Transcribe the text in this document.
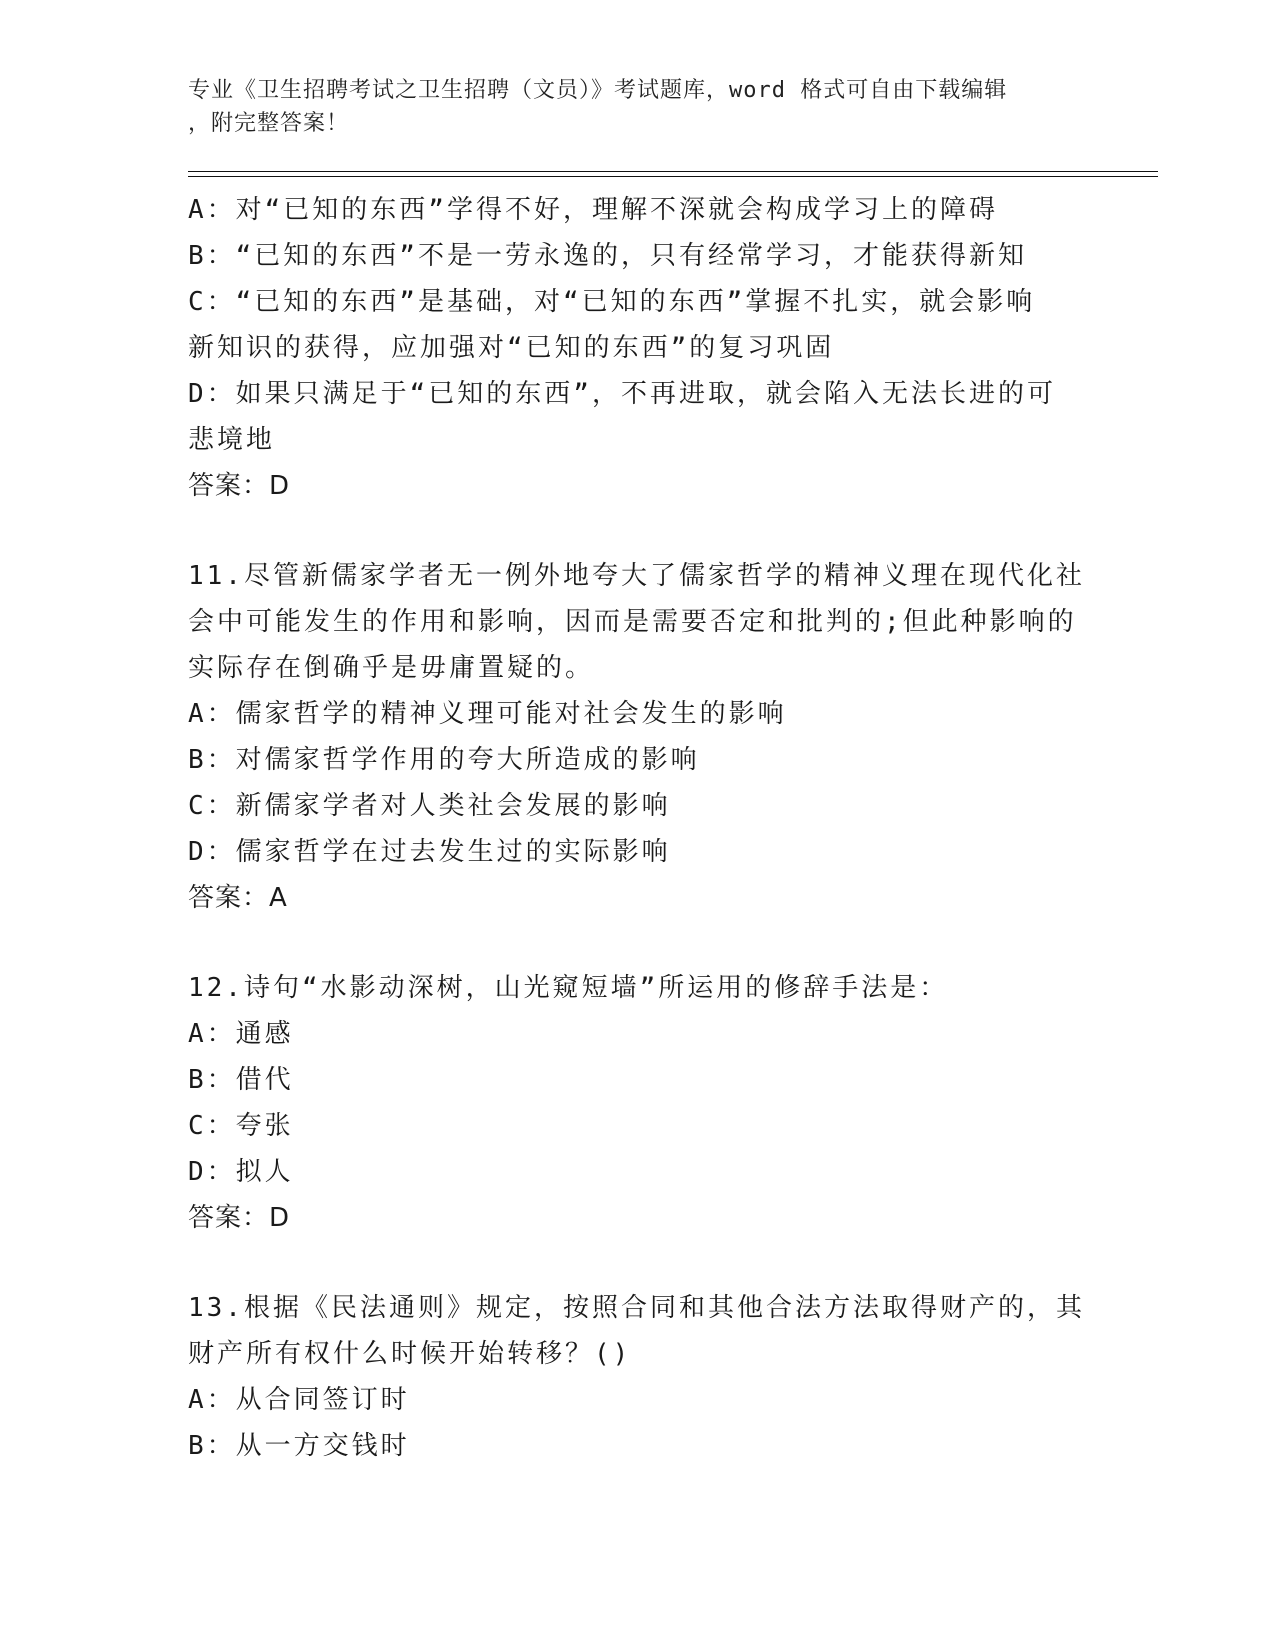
专业《卫生招聘考试之卫生招聘（文员）》考试题库，word 格式可自由下载编辑
，附完整答案！
A：对“已知的东西”学得不好，理解不深就会构成学习上的障碍
B：“已知的东西”不是一劳永逸的，只有经常学习，才能获得新知
C：“已知的东西”是基础，对“已知的东西”掌握不扎实，就会影响
新知识的获得，应加强对“已知的东西”的复习巩固
D：如果只满足于“已知的东西”，不再进取，就会陷入无法长进的可
悲境地
答案：D
11.尽管新儒家学者无一例外地夸大了儒家哲学的精神义理在现代化社
会中可能发生的作用和影响，因而是需要否定和批判的;但此种影响的
实际存在倒确乎是毋庸置疑的。
A：儒家哲学的精神义理可能对社会发生的影响
B：对儒家哲学作用的夸大所造成的影响
C：新儒家学者对人类社会发展的影响
D：儒家哲学在过去发生过的实际影响
答案：A
12.诗句“水影动深树，山光窥短墙”所运用的修辞手法是：
A：通感
B：借代
C：夸张
D：拟人
答案：D
13.根据《民法通则》规定，按照合同和其他合法方法取得财产的，其
财产所有权什么时候开始转移？()
A：从合同签订时
B：从一方交钱时
